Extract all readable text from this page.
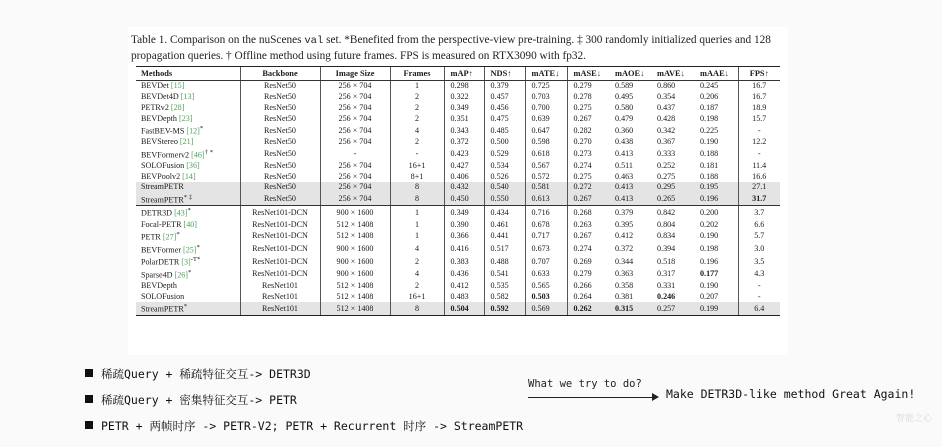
Table 1. Comparison on the nuScenes val set. *Benefited from the perspective-view pre-training. ‡ 300 randomly initialized queries and 128 propagation queries. † Offline method using future frames. FPS is measured on RTX3090 with fp32.
Methods	Backbone	Image Size	Frames	mAP↑	NDS↑	mATE↓	mASE↓	mAOE↓	mAVE↓	mAAE↓	FPS↑
BEVDet [15]	ResNet50	256 × 704	1	0.298	0.379	0.725	0.279	0.589	0.860	0.245	16.7
BEVDet4D [13]	ResNet50	256 × 704	2	0.322	0.457	0.703	0.278	0.495	0.354	0.206	16.7
PETRv2 [28]	ResNet50	256 × 704	2	0.349	0.456	0.700	0.275	0.580	0.437	0.187	18.9
BEVDepth [23]	ResNet50	256 × 704	2	0.351	0.475	0.639	0.267	0.479	0.428	0.198	15.7
FastBEV-MS [12]*	ResNet50	256 × 704	4	0.343	0.485	0.647	0.282	0.360	0.342	0.225	-
BEVStereo [21]	ResNet50	256 × 704	2	0.372	0.500	0.598	0.270	0.438	0.367	0.190	12.2
BEVFormerv2 [46]† *	ResNet50	-	-	0.423	0.529	0.618	0.273	0.413	0.333	0.188	-
SOLOFusion [36]	ResNet50	256 × 704	16+1	0.427	0.534	0.567	0.274	0.511	0.252	0.181	11.4
BEVPoolv2 [14]	ResNet50	256 × 704	8+1	0.406	0.526	0.572	0.275	0.463	0.275	0.188	16.6
StreamPETR	ResNet50	256 × 704	8	0.432	0.540	0.581	0.272	0.413	0.295	0.195	27.1
StreamPETR* ‡	ResNet50	256 × 704	8	0.450	0.550	0.613	0.267	0.413	0.265	0.196	31.7
DETR3D [43]*	ResNet101-DCN	900 × 1600	1	0.349	0.434	0.716	0.268	0.379	0.842	0.200	3.7
Focal-PETR [40]	ResNet101-DCN	512 × 1408	1	0.390	0.461	0.678	0.263	0.395	0.804	0.202	6.6
PETR [27]*	ResNet101-DCN	512 × 1408	1	0.366	0.441	0.717	0.267	0.412	0.834	0.190	5.7
BEVFormer [25]*	ResNet101-DCN	900 × 1600	4	0.416	0.517	0.673	0.274	0.372	0.394	0.198	3.0
PolarDETR $[3]^{-T*}$	ResNet101-DCN	900 × 1600	2	0.383	0.488	0.707	0.269	0.344	0.518	0.196	3.5
Sparse4D [26]*	ResNet101-DCN	900 × 1600	4	0.436	0.541	0.633	0.279	0.363	0.317	0.177	4.3
BEVDepth	ResNet101	512 × 1408	2	0.412	0.535	0.565	0.266	0.358	0.331	0.190	-
SOLOFusion	ResNet101	512 × 1408	16+1	0.483	0.582	0.503	0.264	0.381	0.246	0.207	-
StreamPETR*	ResNet101	512 × 1408	8	0.504	0.592	0.569	0.262	0.315	0.257	0.199	6.4
稀疏Query + 稀疏特征交互-> DETR3D
稀疏Query + 密集特征交互-> PETR
PETR + 两帧时序 -> PETR-V2; PETR + Recurrent 时序 -> StreamPETR
What we try to do?
Make DETR3D-like method Great Again!
智能之心
